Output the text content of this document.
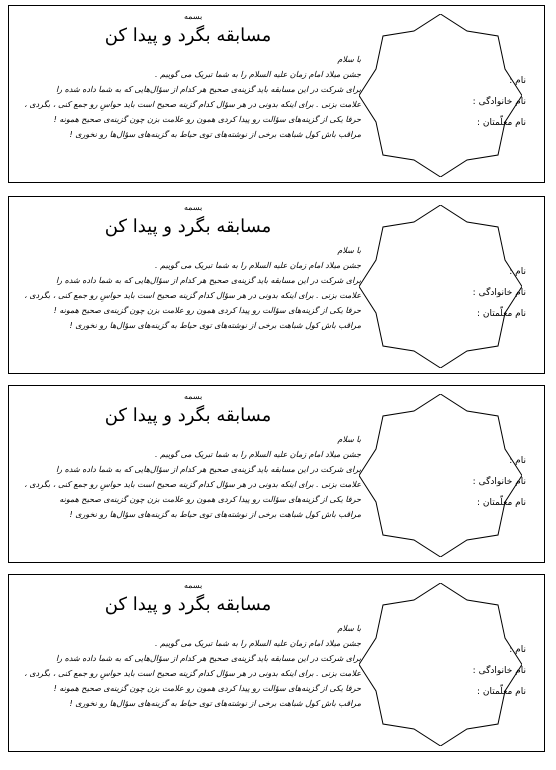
نام :
نام خانوادگی :
نام معلّمتان :
بسمه
مسابقه بگرد و پیدا کن

با سلام

جشن میلاد امام زمان علیه السلام را به شما تبریک می گوییم .

برای شرکت در این مسابقه باید گزینه‌ی صحیح هر کدام از سؤال‌هایی که به شما داده شده را

علامت بزنی . برای اینکه بدونی در هر سؤال کدام گزینه صحیح است باید حواسِ رو جمع کنی ، بگردی ،

حرفا یکی از گزینه‌های سؤالت رو پیدا کردی همون رو علامت بزن چون گزینه‌ی صحیح همونه !

مراقب باش کول شباهت برخی از نوشته‌های توی حیاط به گزینه‌های سؤال‌ها رو نخوری !

نام :
نام خانوادگی :
نام معلّمتان :
بسمه
مسابقه بگرد و پیدا کن

با سلام

جشن میلاد امام زمان علیه السلام را به شما تبریک می گوییم .

برای شرکت در این مسابقه باید گزینه‌ی صحیح هر کدام از سؤال‌هایی که به شما داده شده را

علامت بزنی . برای اینکه بدونی در هر سؤال کدام گزینه صحیح است باید حواسِ رو جمع کنی ، بگردی ،

حرفا یکی از گزینه‌های سؤالت رو پیدا کردی همون رو علامت بزن چون گزینه‌ی صحیح همونه !

مراقب باش کول شباهت برخی از نوشته‌های توی حیاط به گزینه‌های سؤال‌ها رو نخوری !

نام :
نام خانوادگی :
نام معلّمتان :
بسمه
مسابقه بگرد و پیدا کن

با سلام

جشن میلاد امام زمان علیه السلام را به شما تبریک می گوییم .

برای شرکت در این مسابقه باید گزینه‌ی صحیح هر کدام از سؤال‌هایی که به شما داده شده را

علامت بزنی . برای اینکه بدونی در هر سؤال کدام گزینه صحیح است باید حواسِ رو جمع کنی ، بگردی ،

حرفا یکی از گزینه‌های سؤالت رو پیدا کردی همون رو علامت بزن چون گزینه‌ی صحیح همونه

مراقب باش کول شباهت برخی از نوشته‌های توی حیاط به گزینه‌های سؤال‌ها رو نخوری !

نام :
نام خانوادگی :
نام معلّمتان :
بسمه
مسابقه بگرد و پیدا کن

با سلام

جشن میلاد امام زمان علیه السلام را به شما تبریک می گوییم .

برای شرکت در این مسابقه باید گزینه‌ی صحیح هر کدام از سؤال‌هایی که به شما داده شده را

علامت بزنی . برای اینکه بدونی در هر سؤال کدام گزینه صحیح است باید حواسِ رو جمع کنی ، بگردی ،

حرفا یکی از گزینه‌های سؤالت رو پیدا کردی همون رو علامت بزن چون گزینه‌ی صحیح همونه !

مراقب باش کول شباهت برخی از نوشته‌های توی حیاط به گزینه‌های سؤال‌ها رو نخوری !
